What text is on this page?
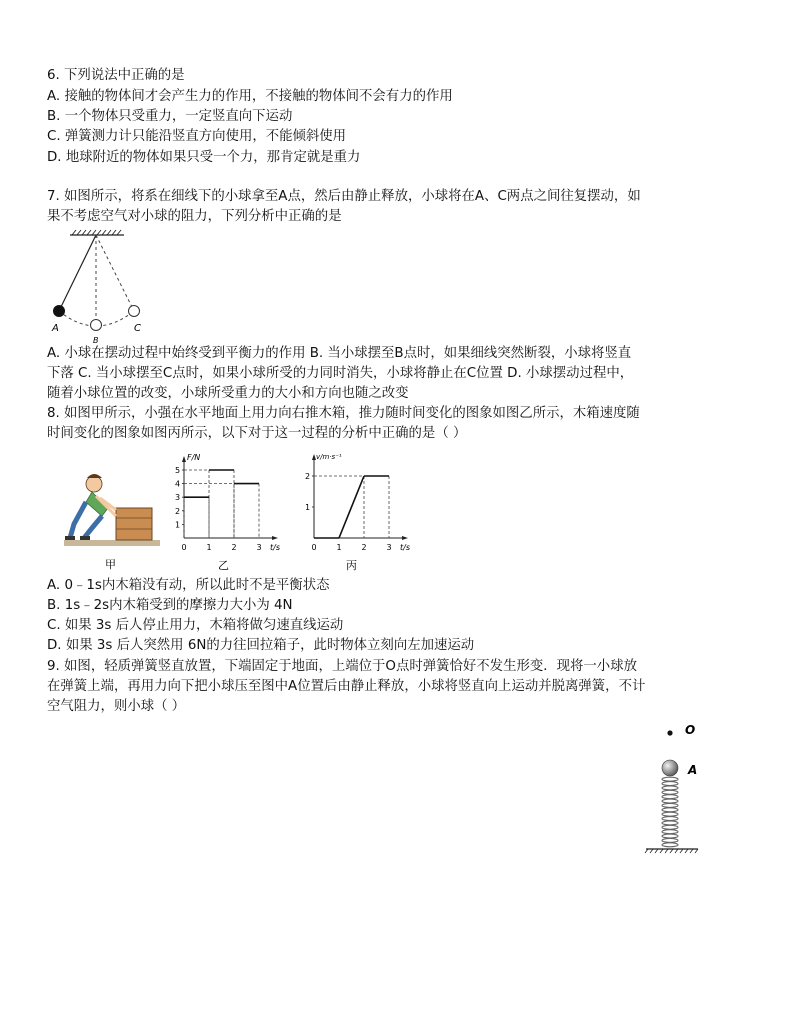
6. 下列说法中正确的是
A. 接触的物体间才会产生力的作用，不接触的物体间不会有力的作用
B. 一个物体只受重力，一定竖直向下运动
C. 弹簧测力计只能沿竖直方向使用，不能倾斜使用
D. 地球附近的物体如果只受一个力，那肯定就是重力
7. 如图所示，将系在细线下的小球拿至A点，然后由静止释放，小球将在A、C两点之间往复摆动，如
果不考虑空气对小球的阻力，下列分析中正确的是
A
B
C
A. 小球在摆动过程中始终受到平衡力的作用 B. 当小球摆至B点时，如果细线突然断裂，小球将竖直
下落 C. 当小球摆至C点时，如果小球所受的力同时消失，小球将静止在C位置 D. 小球摆动过程中，
随着小球位置的改变，小球所受重力的大小和方向也随之改变
8. 如图甲所示，小强在水平地面上用力向右推木箱，推力随时间变化的图象如图乙所示，木箱速度随
时间变化的图象如图丙所示，以下对于这一过程的分析中正确的是（ ）
甲
F/N
t/s
1
2
3
4
5
0 1 2 3
乙
v/m·s⁻¹
t/s
1
2
0 1 2 3
丙
A. 0﹣1s内木箱没有动，所以此时不是平衡状态
B. 1s﹣2s内木箱受到的摩擦力大小为 4N
C. 如果 3s 后人停止用力，木箱将做匀速直线运动
D. 如果 3s 后人突然用 6N的力往回拉箱子，此时物体立刻向左加速运动
9. 如图，轻质弹簧竖直放置，下端固定于地面，上端位于O点时弹簧恰好不发生形变．现将一小球放
在弹簧上端，再用力向下把小球压至图中A位置后由静止释放，小球将竖直向上运动并脱离弹簧，不计
空气阻力，则小球（ ）
O
A
